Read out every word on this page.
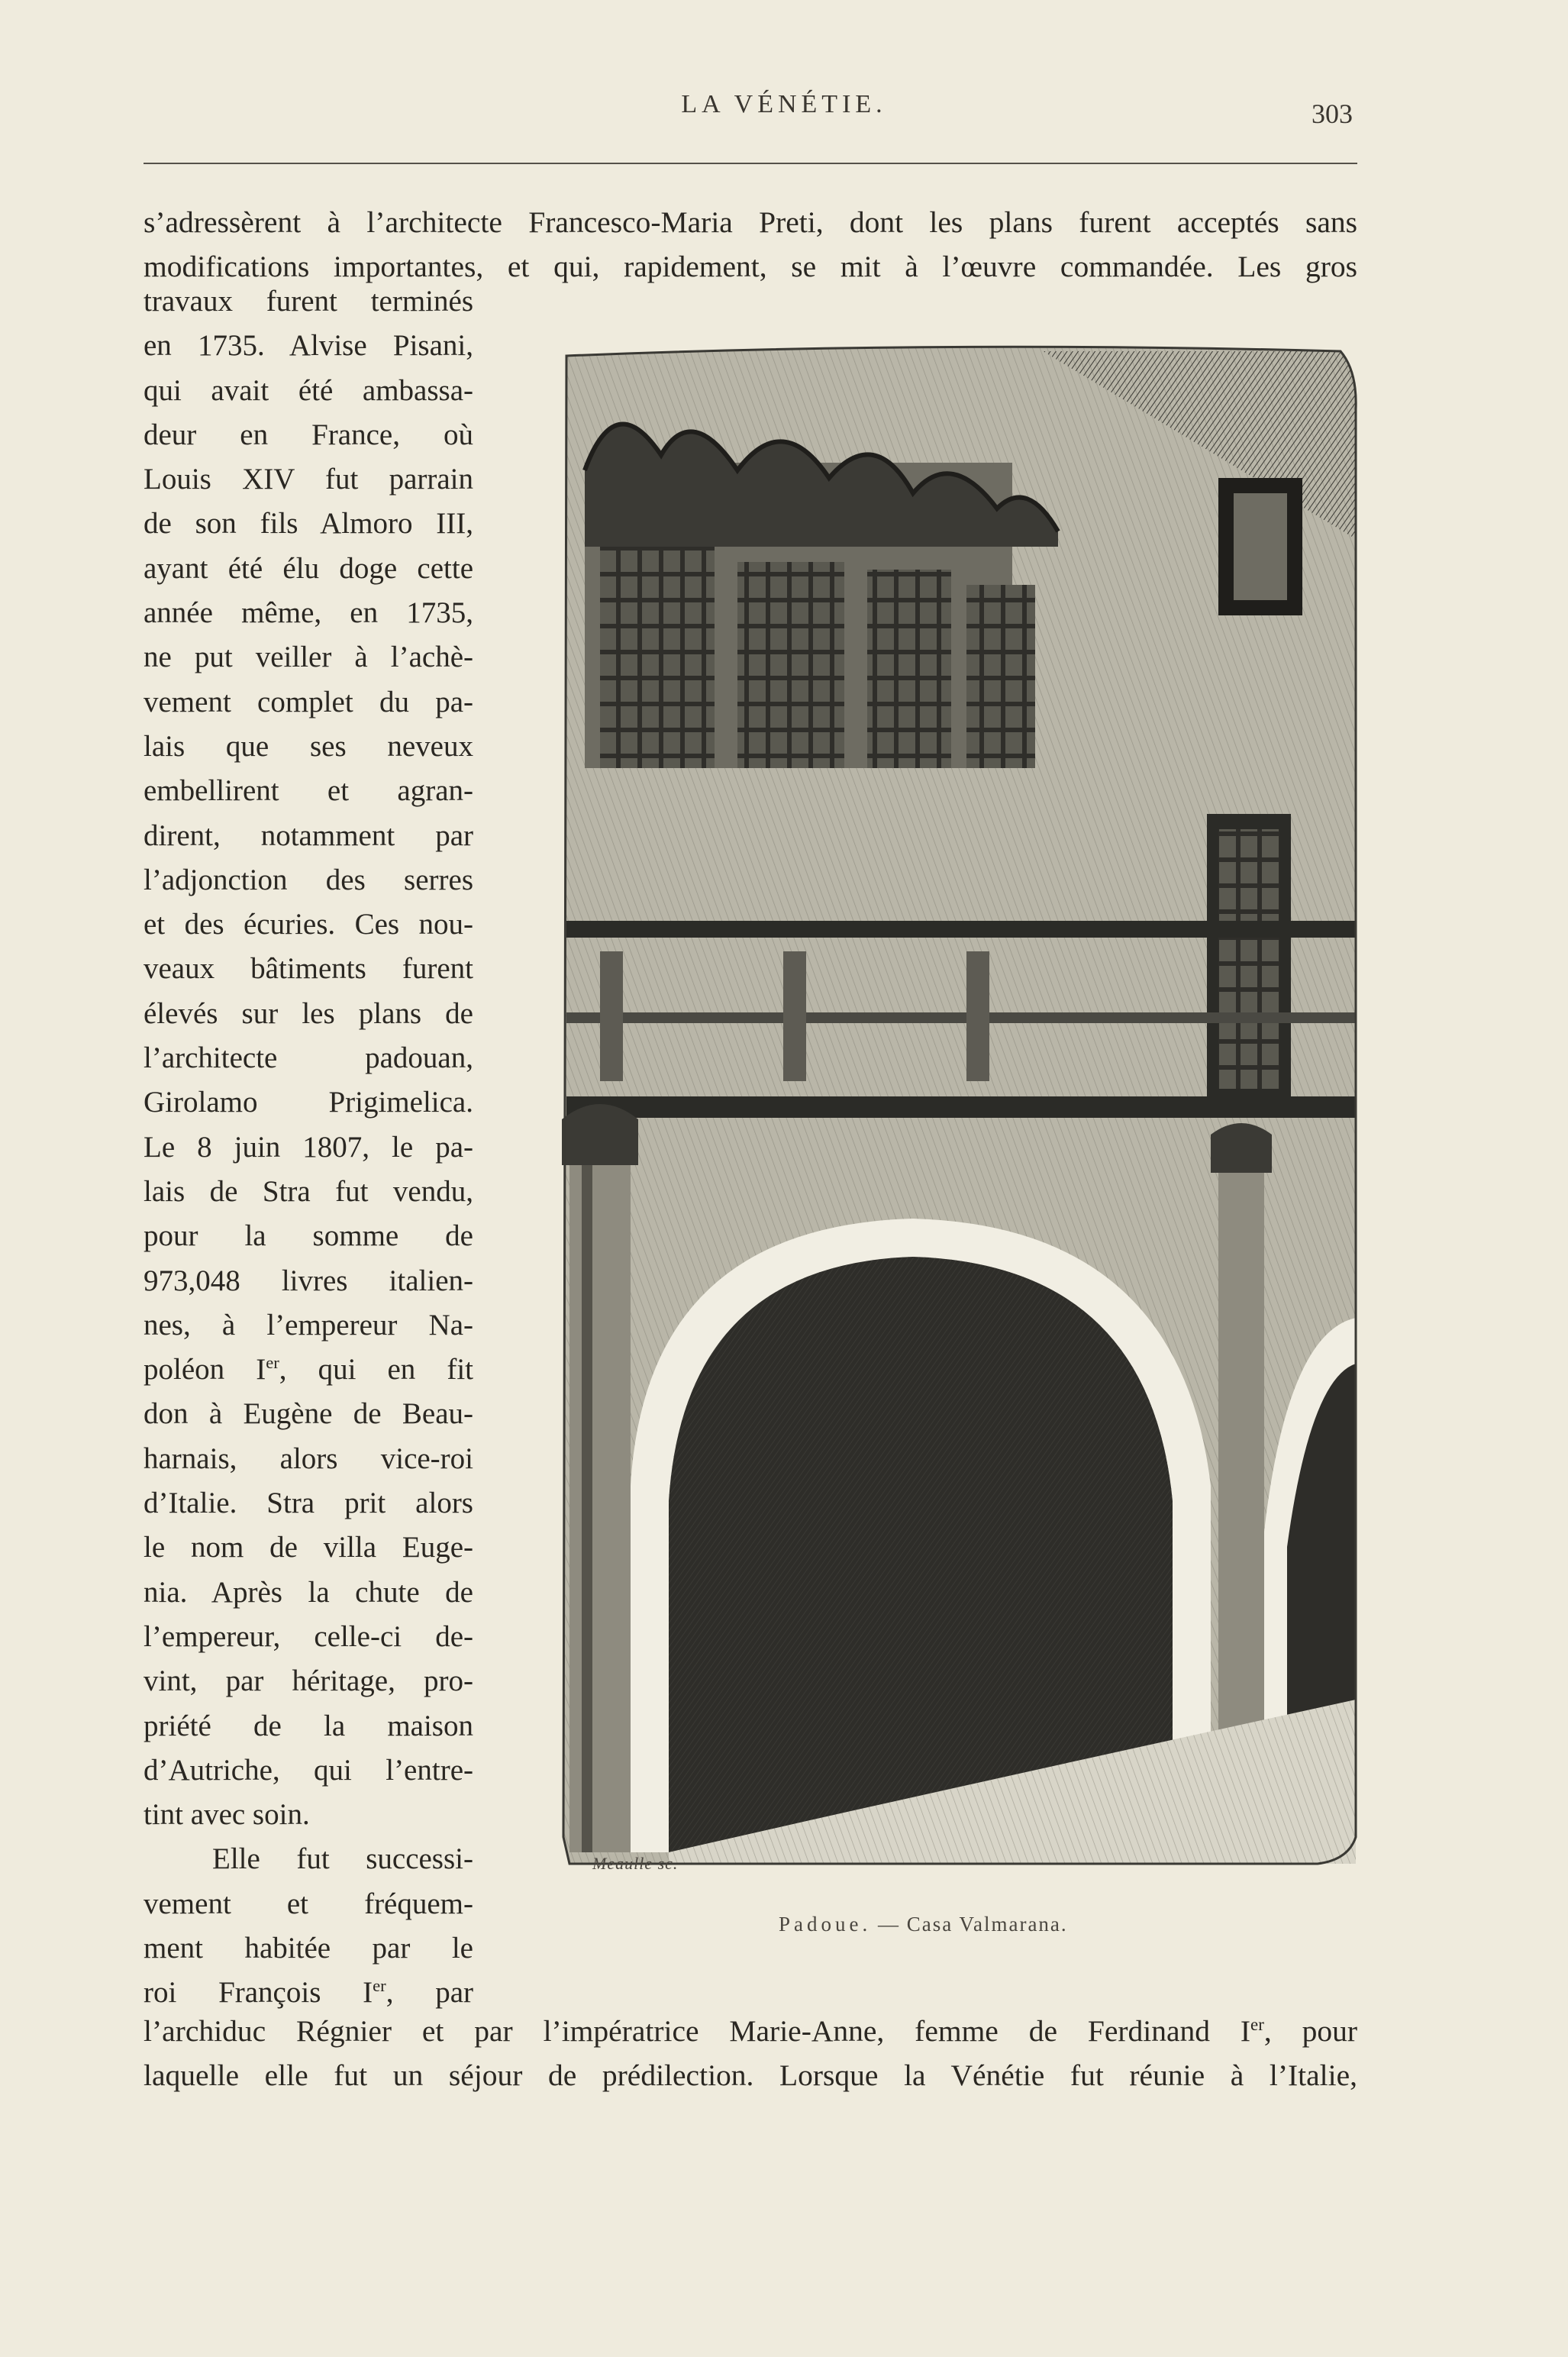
LA VÉNÉTIE.	303
s’adressèrent à l’architecte Francesco-Maria Preti, dont les plans furent acceptés sans
modifications importantes, et qui, rapidement, se mit à l’œuvre commandée. Les gros
travaux furent terminés
en 1735. Alvise Pisani,
qui avait été ambassa-
deur en France, où
Louis XIV fut parrain
de son fils Almoro III,
ayant été élu doge cette
année même, en 1735,
ne put veiller à l’achè-
vement complet du pa-
lais que ses neveux
embellirent et agran-
dirent, notamment par
l’adjonction des serres
et des écuries. Ces nou-
veaux bâtiments furent
élevés sur les plans de
l’architecte padouan,
Girolamo Prigimelica.
Le 8 juin 1807, le pa-
lais de Stra fut vendu,
pour la somme de
973,048 livres italien-
nes, à l’empereur Na-
poléon Ier, qui en fit
don à Eugène de Beau-
harnais, alors vice-roi
d’Italie. Stra prit alors
le nom de villa Euge-
nia. Après la chute de
l’empereur, celle-ci de-
vint, par héritage, pro-
priété de la maison
d’Autriche, qui l’entre-
tint avec soin.
Elle fut successi-
vement et fréquem-
ment habitée par le
roi François Ier, par
Meaulle sc.
Padoue. — Casa Valmarana.
l’archiduc Régnier et par l’impératrice Marie-Anne, femme de Ferdinand Ier, pour
laquelle elle fut un séjour de prédilection. Lorsque la Vénétie fut réunie à l’Italie,
